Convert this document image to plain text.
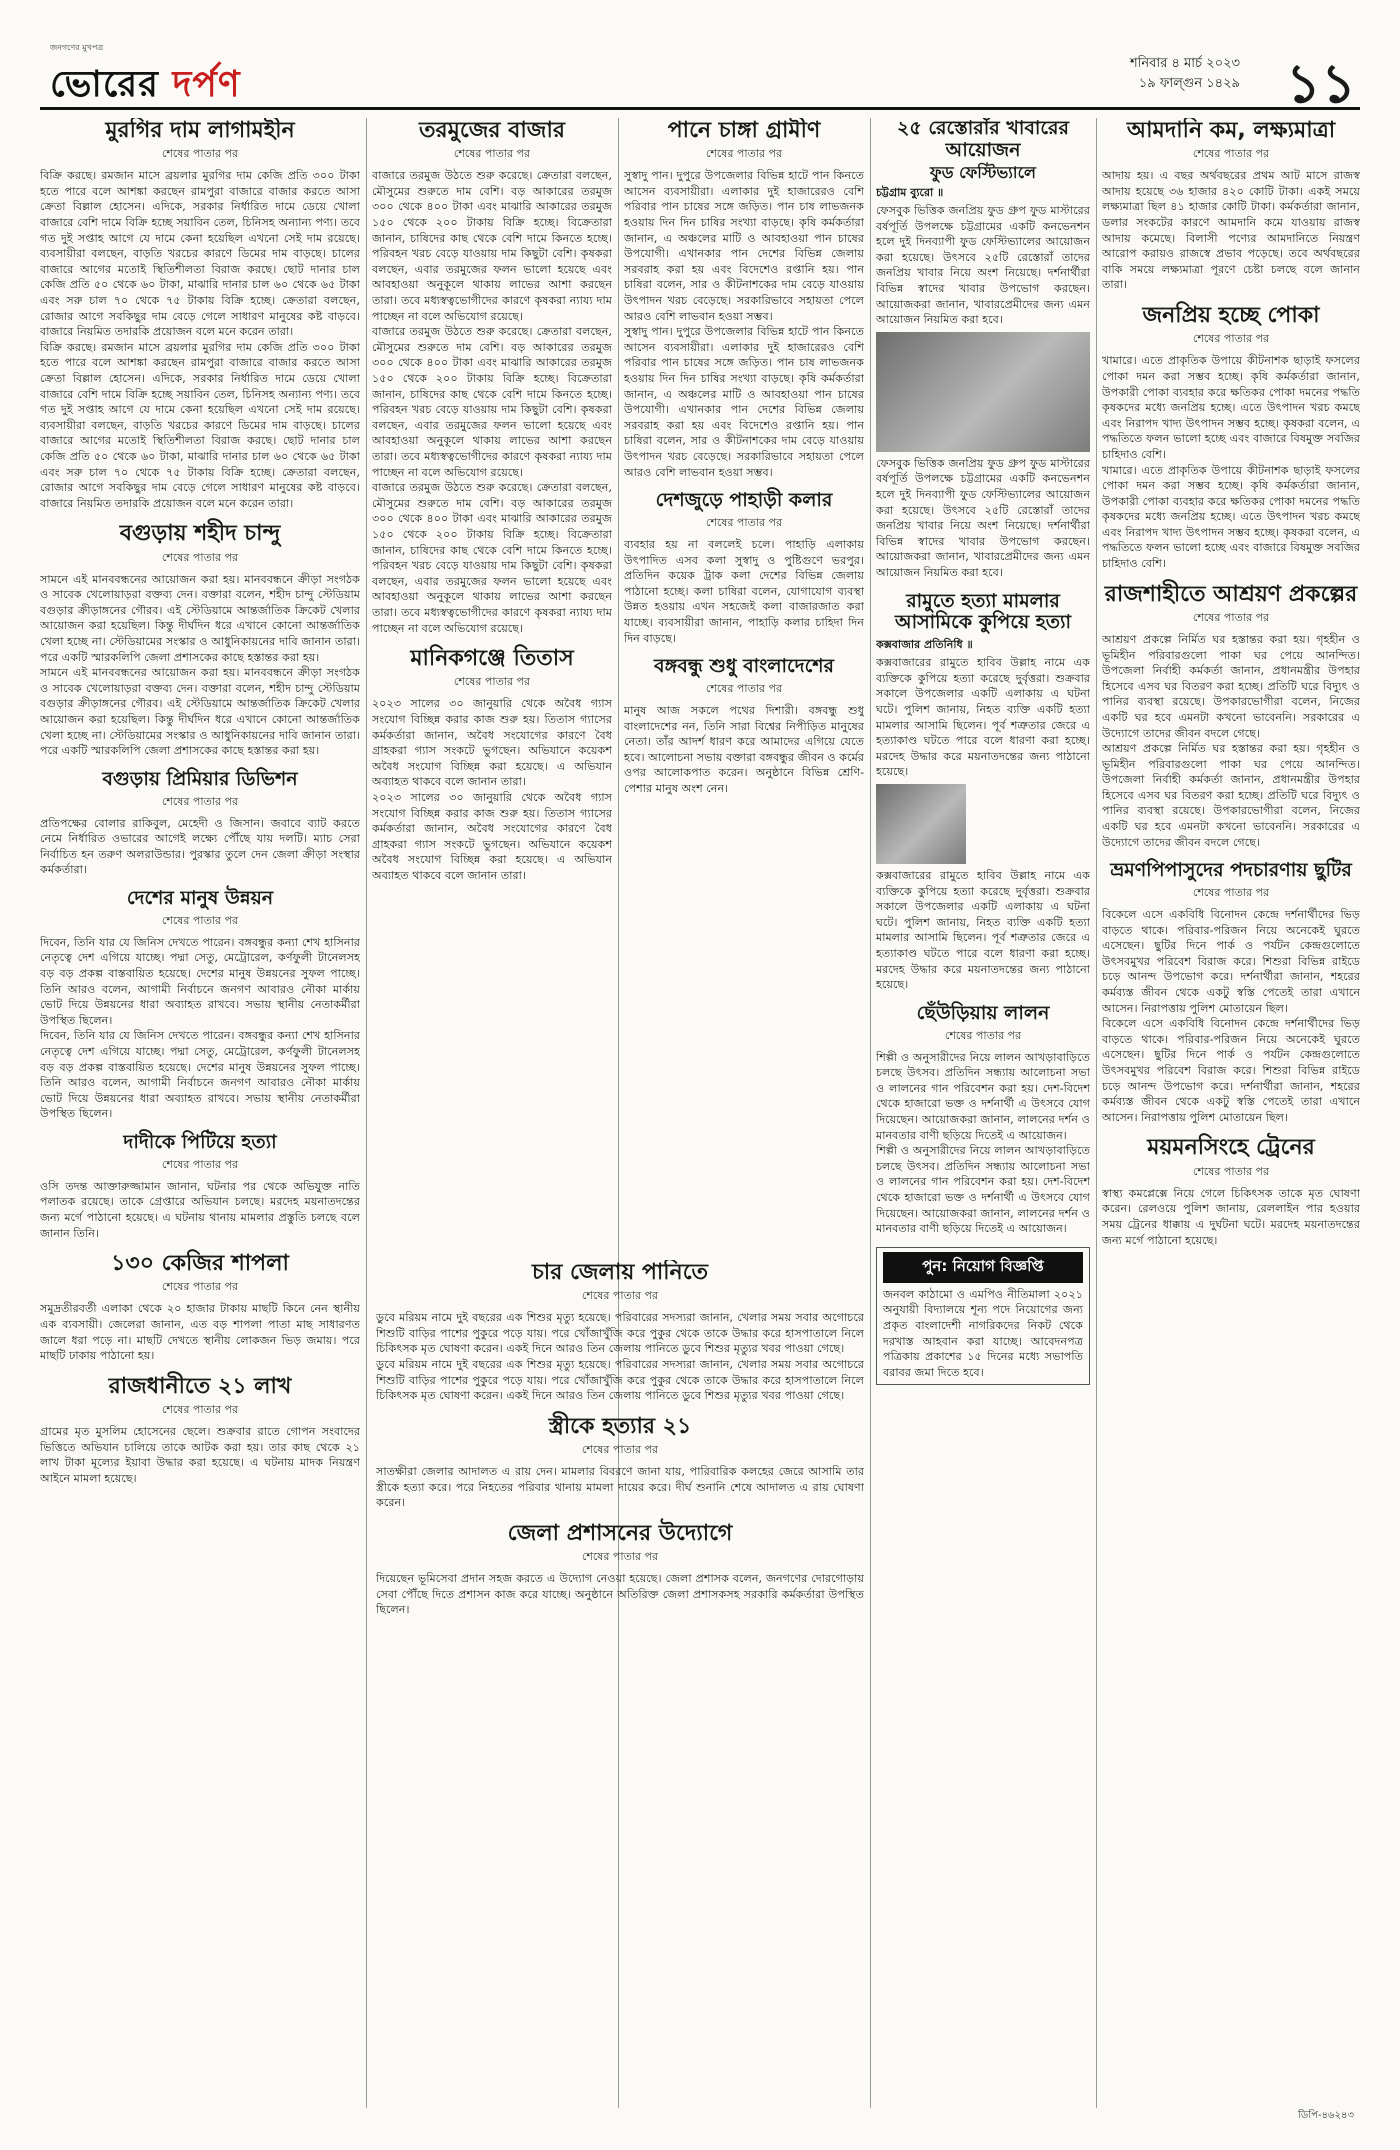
জনগণের মুখপত্র
ভোরের দর্পণ
শনিবার ৪ মার্চ ২০২৩
১৯ ফাল্গুন ১৪২৯ ১১
মুরগির দাম লাগামহীন
শেষের পাতার পর
বিক্রি করছে। রমজান মাসে ব্রয়লার মুরগির দাম কেজি প্রতি ৩০০ টাকা হতে পারে বলে আশঙ্কা করছেন রামপুরা বাজারে বাজার করতে আসা ক্রেতা বিল্লাল হোসেন। এদিকে, সরকার নির্ধারিত দামে ডেয়ে খোলা বাজারে বেশি দামে বিক্রি হচ্ছে সয়াবিন তেল, চিনিসহ অন্যান্য পণ্য। তবে গত দুই সপ্তাহ আগে যে দামে কেনা হয়েছিল এখনো সেই দাম রয়েছে। ব্যবসায়ীরা বলছেন, বাড়তি খরচের কারণে ডিমের দাম বাড়ছে। চালের বাজারে আগের মতোই স্থিতিশীলতা বিরাজ করছে। ছোট দানার চাল কেজি প্রতি ৫০ থেকে ৬০ টাকা, মাঝারি দানার চাল ৬০ থেকে ৬৫ টাকা এবং সরু চাল ৭০ থেকে ৭৫ টাকায় বিক্রি হচ্ছে। ক্রেতারা বলছেন, রোজার আগে সবকিছুর দাম বেড়ে গেলে সাধারণ মানুষের কষ্ট বাড়বে। বাজারে নিয়মিত তদারকি প্রয়োজন বলে মনে করেন তারা।
বিক্রি করছে। রমজান মাসে ব্রয়লার মুরগির দাম কেজি প্রতি ৩০০ টাকা হতে পারে বলে আশঙ্কা করছেন রামপুরা বাজারে বাজার করতে আসা ক্রেতা বিল্লাল হোসেন। এদিকে, সরকার নির্ধারিত দামে ডেয়ে খোলা বাজারে বেশি দামে বিক্রি হচ্ছে সয়াবিন তেল, চিনিসহ অন্যান্য পণ্য। তবে গত দুই সপ্তাহ আগে যে দামে কেনা হয়েছিল এখনো সেই দাম রয়েছে। ব্যবসায়ীরা বলছেন, বাড়তি খরচের কারণে ডিমের দাম বাড়ছে। চালের বাজারে আগের মতোই স্থিতিশীলতা বিরাজ করছে। ছোট দানার চাল কেজি প্রতি ৫০ থেকে ৬০ টাকা, মাঝারি দানার চাল ৬০ থেকে ৬৫ টাকা এবং সরু চাল ৭০ থেকে ৭৫ টাকায় বিক্রি হচ্ছে। ক্রেতারা বলছেন, রোজার আগে সবকিছুর দাম বেড়ে গেলে সাধারণ মানুষের কষ্ট বাড়বে। বাজারে নিয়মিত তদারকি প্রয়োজন বলে মনে করেন তারা।
বগুড়ায় শহীদ চান্দু
শেষের পাতার পর
সামনে এই মানববন্ধনের আয়োজন করা হয়। মানববন্ধনে ক্রীড়া সংগঠক ও সাবেক খেলোয়াড়রা বক্তব্য দেন। বক্তারা বলেন, শহীদ চান্দু স্টেডিয়াম বগুড়ার ক্রীড়াঙ্গনের গৌরব। এই স্টেডিয়ামে আন্তর্জাতিক ক্রিকেট খেলার আয়োজন করা হয়েছিল। কিন্তু দীর্ঘদিন ধরে এখানে কোনো আন্তর্জাতিক খেলা হচ্ছে না। স্টেডিয়ামের সংস্কার ও আধুনিকায়নের দাবি জানান তারা। পরে একটি স্মারকলিপি জেলা প্রশাসকের কাছে হস্তান্তর করা হয়।
সামনে এই মানববন্ধনের আয়োজন করা হয়। মানববন্ধনে ক্রীড়া সংগঠক ও সাবেক খেলোয়াড়রা বক্তব্য দেন। বক্তারা বলেন, শহীদ চান্দু স্টেডিয়াম বগুড়ার ক্রীড়াঙ্গনের গৌরব। এই স্টেডিয়ামে আন্তর্জাতিক ক্রিকেট খেলার আয়োজন করা হয়েছিল। কিন্তু দীর্ঘদিন ধরে এখানে কোনো আন্তর্জাতিক খেলা হচ্ছে না। স্টেডিয়ামের সংস্কার ও আধুনিকায়নের দাবি জানান তারা। পরে একটি স্মারকলিপি জেলা প্রশাসকের কাছে হস্তান্তর করা হয়।
বগুড়ায় প্রিমিয়ার ডিভিশন
শেষের পাতার পর
প্রতিপক্ষের বোলার রাকিবুল, মেহেদী ও জিসান। জবাবে ব্যাট করতে নেমে নির্ধারিত ওভারের আগেই লক্ষ্যে পৌঁছে যায় দলটি। ম্যাচ সেরা নির্বাচিত হন তরুণ অলরাউন্ডার। পুরস্কার তুলে দেন জেলা ক্রীড়া সংস্থার কর্মকর্তারা।
দেশের মানুষ উন্নয়ন
শেষের পাতার পর
দিবেন, তিনি যার যে জিনিস দেখতে পারেন। বঙ্গবন্ধুর কন্যা শেখ হাসিনার নেতৃত্বে দেশ এগিয়ে যাচ্ছে। পদ্মা সেতু, মেট্রোরেল, কর্ণফুলী টানেলসহ বড় বড় প্রকল্প বাস্তবায়িত হয়েছে। দেশের মানুষ উন্নয়নের সুফল পাচ্ছে। তিনি আরও বলেন, আগামী নির্বাচনে জনগণ আবারও নৌকা মার্কায় ভোট দিয়ে উন্নয়নের ধারা অব্যাহত রাখবে। সভায় স্থানীয় নেতাকর্মীরা উপস্থিত ছিলেন।
দিবেন, তিনি যার যে জিনিস দেখতে পারেন। বঙ্গবন্ধুর কন্যা শেখ হাসিনার নেতৃত্বে দেশ এগিয়ে যাচ্ছে। পদ্মা সেতু, মেট্রোরেল, কর্ণফুলী টানেলসহ বড় বড় প্রকল্প বাস্তবায়িত হয়েছে। দেশের মানুষ উন্নয়নের সুফল পাচ্ছে। তিনি আরও বলেন, আগামী নির্বাচনে জনগণ আবারও নৌকা মার্কায় ভোট দিয়ে উন্নয়নের ধারা অব্যাহত রাখবে। সভায় স্থানীয় নেতাকর্মীরা উপস্থিত ছিলেন।
দাদীকে পিটিয়ে হত্যা
শেষের পাতার পর
ওসি তদন্ত আক্তারুজ্জামান জানান, ঘটনার পর থেকে অভিযুক্ত নাতি পলাতক রয়েছে। তাকে গ্রেপ্তারে অভিযান চলছে। মরদেহ ময়নাতদন্তের জন্য মর্গে পাঠানো হয়েছে। এ ঘটনায় থানায় মামলার প্রস্তুতি চলছে বলে জানান তিনি।
১৩০ কেজির শাপলা
শেষের পাতার পর
সমুদ্রতীরবর্তী এলাকা থেকে ২০ হাজার টাকায় মাছটি কিনে নেন স্থানীয় এক ব্যবসায়ী। জেলেরা জানান, এত বড় শাপলা পাতা মাছ সাধারণত জালে ধরা পড়ে না। মাছটি দেখতে স্থানীয় লোকজন ভিড় জমায়। পরে মাছটি ঢাকায় পাঠানো হয়।
রাজধানীতে ২১ লাখ
শেষের পাতার পর
গ্রামের মৃত মুসলিম হোসেনের ছেলে। শুক্রবার রাতে গোপন সংবাদের ভিত্তিতে অভিযান চালিয়ে তাকে আটক করা হয়। তার কাছ থেকে ২১ লাখ টাকা মূল্যের ইয়াবা উদ্ধার করা হয়েছে। এ ঘটনায় মাদক নিয়ন্ত্রণ আইনে মামলা হয়েছে।
তরমুজের বাজার
শেষের পাতার পর
বাজারে তরমুজ উঠতে শুরু করেছে। ক্রেতারা বলছেন, মৌসুমের শুরুতে দাম বেশি। বড় আকারের তরমুজ ৩০০ থেকে ৪০০ টাকা এবং মাঝারি আকারের তরমুজ ১৫০ থেকে ২০০ টাকায় বিক্রি হচ্ছে। বিক্রেতারা জানান, চাষিদের কাছ থেকে বেশি দামে কিনতে হচ্ছে। পরিবহন খরচ বেড়ে যাওয়ায় দাম কিছুটা বেশি। কৃষকরা বলছেন, এবার তরমুজের ফলন ভালো হয়েছে এবং আবহাওয়া অনুকূলে থাকায় লাভের আশা করছেন তারা। তবে মধ্যস্বত্বভোগীদের কারণে কৃষকরা ন্যায্য দাম পাচ্ছেন না বলে অভিযোগ রয়েছে।
বাজারে তরমুজ উঠতে শুরু করেছে। ক্রেতারা বলছেন, মৌসুমের শুরুতে দাম বেশি। বড় আকারের তরমুজ ৩০০ থেকে ৪০০ টাকা এবং মাঝারি আকারের তরমুজ ১৫০ থেকে ২০০ টাকায় বিক্রি হচ্ছে। বিক্রেতারা জানান, চাষিদের কাছ থেকে বেশি দামে কিনতে হচ্ছে। পরিবহন খরচ বেড়ে যাওয়ায় দাম কিছুটা বেশি। কৃষকরা বলছেন, এবার তরমুজের ফলন ভালো হয়েছে এবং আবহাওয়া অনুকূলে থাকায় লাভের আশা করছেন তারা। তবে মধ্যস্বত্বভোগীদের কারণে কৃষকরা ন্যায্য দাম পাচ্ছেন না বলে অভিযোগ রয়েছে।
বাজারে তরমুজ উঠতে শুরু করেছে। ক্রেতারা বলছেন, মৌসুমের শুরুতে দাম বেশি। বড় আকারের তরমুজ ৩০০ থেকে ৪০০ টাকা এবং মাঝারি আকারের তরমুজ ১৫০ থেকে ২০০ টাকায় বিক্রি হচ্ছে। বিক্রেতারা জানান, চাষিদের কাছ থেকে বেশি দামে কিনতে হচ্ছে। পরিবহন খরচ বেড়ে যাওয়ায় দাম কিছুটা বেশি। কৃষকরা বলছেন, এবার তরমুজের ফলন ভালো হয়েছে এবং আবহাওয়া অনুকূলে থাকায় লাভের আশা করছেন তারা। তবে মধ্যস্বত্বভোগীদের কারণে কৃষকরা ন্যায্য দাম পাচ্ছেন না বলে অভিযোগ রয়েছে।
মানিকগঞ্জে তিতাস
শেষের পাতার পর
২০২৩ সালের ৩০ জানুয়ারি থেকে অবৈধ গ্যাস সংযোগ বিচ্ছিন্ন করার কাজ শুরু হয়। তিতাস গ্যাসের কর্মকর্তারা জানান, অবৈধ সংযোগের কারণে বৈধ গ্রাহকরা গ্যাস সংকটে ভুগছেন। অভিযানে কয়েকশ অবৈধ সংযোগ বিচ্ছিন্ন করা হয়েছে। এ অভিযান অব্যাহত থাকবে বলে জানান তারা।
২০২৩ সালের ৩০ জানুয়ারি থেকে অবৈধ গ্যাস সংযোগ বিচ্ছিন্ন করার কাজ শুরু হয়। তিতাস গ্যাসের কর্মকর্তারা জানান, অবৈধ সংযোগের কারণে বৈধ গ্রাহকরা গ্যাস সংকটে ভুগছেন। অভিযানে কয়েকশ অবৈধ সংযোগ বিচ্ছিন্ন করা হয়েছে। এ অভিযান অব্যাহত থাকবে বলে জানান তারা।
পানে চাঙ্গা গ্রামীণ
শেষের পাতার পর
সুস্বাদু পান। দুপুরে উপজেলার বিভিন্ন হাটে পান কিনতে আসেন ব্যবসায়ীরা। এলাকার দুই হাজারেরও বেশি পরিবার পান চাষের সঙ্গে জড়িত। পান চাষ লাভজনক হওয়ায় দিন দিন চাষির সংখ্যা বাড়ছে। কৃষি কর্মকর্তারা জানান, এ অঞ্চলের মাটি ও আবহাওয়া পান চাষের উপযোগী। এখানকার পান দেশের বিভিন্ন জেলায় সরবরাহ করা হয় এবং বিদেশেও রপ্তানি হয়। পান চাষিরা বলেন, সার ও কীটনাশকের দাম বেড়ে যাওয়ায় উৎপাদন খরচ বেড়েছে। সরকারিভাবে সহায়তা পেলে আরও বেশি লাভবান হওয়া সম্ভব।
সুস্বাদু পান। দুপুরে উপজেলার বিভিন্ন হাটে পান কিনতে আসেন ব্যবসায়ীরা। এলাকার দুই হাজারেরও বেশি পরিবার পান চাষের সঙ্গে জড়িত। পান চাষ লাভজনক হওয়ায় দিন দিন চাষির সংখ্যা বাড়ছে। কৃষি কর্মকর্তারা জানান, এ অঞ্চলের মাটি ও আবহাওয়া পান চাষের উপযোগী। এখানকার পান দেশের বিভিন্ন জেলায় সরবরাহ করা হয় এবং বিদেশেও রপ্তানি হয়। পান চাষিরা বলেন, সার ও কীটনাশকের দাম বেড়ে যাওয়ায় উৎপাদন খরচ বেড়েছে। সরকারিভাবে সহায়তা পেলে আরও বেশি লাভবান হওয়া সম্ভব।
দেশজুড়ে পাহাড়ী কলার
শেষের পাতার পর
ব্যবহার হয় না বললেই চলে। পাহাড়ি এলাকায় উৎপাদিত এসব কলা সুস্বাদু ও পুষ্টিগুণে ভরপুর। প্রতিদিন কয়েক ট্রাক কলা দেশের বিভিন্ন জেলায় পাঠানো হচ্ছে। কলা চাষিরা বলেন, যোগাযোগ ব্যবস্থা উন্নত হওয়ায় এখন সহজেই কলা বাজারজাত করা যাচ্ছে। ব্যবসায়ীরা জানান, পাহাড়ি কলার চাহিদা দিন দিন বাড়ছে।
বঙ্গবন্ধু শুধু বাংলাদেশের
শেষের পাতার পর
মানুষ আজ সকলে পথের দিশারী। বঙ্গবন্ধু শুধু বাংলাদেশের নন, তিনি সারা বিশ্বের নিপীড়িত মানুষের নেতা। তাঁর আদর্শ ধারণ করে আমাদের এগিয়ে যেতে হবে। আলোচনা সভায় বক্তারা বঙ্গবন্ধুর জীবন ও কর্মের ওপর আলোকপাত করেন। অনুষ্ঠানে বিভিন্ন শ্রেণি-পেশার মানুষ অংশ নেন।
চার জেলায় পানিতে
শেষের পাতার পর
ডুবে মরিয়ম নামে দুই বছরের এক শিশুর মৃত্যু হয়েছে। পরিবারের সদস্যরা জানান, খেলার সময় সবার অগোচরে শিশুটি বাড়ির পাশের পুকুরে পড়ে যায়। পরে খোঁজাখুঁজি করে পুকুর থেকে তাকে উদ্ধার করে হাসপাতালে নিলে চিকিৎসক মৃত ঘোষণা করেন। একই দিনে আরও তিন জেলায় পানিতে ডুবে শিশুর মৃত্যুর খবর পাওয়া গেছে।
ডুবে মরিয়ম নামে দুই বছরের এক শিশুর মৃত্যু হয়েছে। পরিবারের সদস্যরা জানান, খেলার সময় সবার অগোচরে শিশুটি বাড়ির পাশের পুকুরে পড়ে যায়। পরে খোঁজাখুঁজি করে পুকুর থেকে তাকে উদ্ধার করে হাসপাতালে নিলে চিকিৎসক মৃত ঘোষণা করেন। একই দিনে আরও তিন জেলায় পানিতে ডুবে শিশুর মৃত্যুর খবর পাওয়া গেছে।
স্ত্রীকে হত্যার ২১
শেষের পাতার পর
সাতক্ষীরা জেলার আদালত এ রায় দেন। মামলার বিবরণে জানা যায়, পারিবারিক কলহের জেরে আসামি তার স্ত্রীকে হত্যা করে। পরে নিহতের পরিবার থানায় মামলা দায়ের করে। দীর্ঘ শুনানি শেষে আদালত এ রায় ঘোষণা করেন।
জেলা প্রশাসনের উদ্যোগে
শেষের পাতার পর
দিয়েছেন ভূমিসেবা প্রদান সহজ করতে এ উদ্যোগ নেওয়া হয়েছে। জেলা প্রশাসক বলেন, জনগণের দোরগোড়ায় সেবা পৌঁছে দিতে প্রশাসন কাজ করে যাচ্ছে। অনুষ্ঠানে অতিরিক্ত জেলা প্রশাসকসহ সরকারি কর্মকর্তারা উপস্থিত ছিলেন।
২৫ রেস্তোরাঁর খাবারের আয়োজন
ফুড ফেস্টিভ্যালে
চট্টগ্রাম ব্যুরো ॥
ফেসবুক ভিত্তিক জনপ্রিয় ফুড গ্রুপ ফুড মাস্টারের বর্ষপূর্তি উপলক্ষে চট্টগ্রামের একটি কনভেনশন হলে দুই দিনব্যাপী ফুড ফেস্টিভ্যালের আয়োজন করা হয়েছে। উৎসবে ২৫টি রেস্তোরাঁ তাদের জনপ্রিয় খাবার নিয়ে অংশ নিয়েছে। দর্শনার্থীরা বিভিন্ন স্বাদের খাবার উপভোগ করছেন। আয়োজকরা জানান, খাবারপ্রেমীদের জন্য এমন আয়োজন নিয়মিত করা হবে।
ফেসবুক ভিত্তিক জনপ্রিয় ফুড গ্রুপ ফুড মাস্টারের বর্ষপূর্তি উপলক্ষে চট্টগ্রামের একটি কনভেনশন হলে দুই দিনব্যাপী ফুড ফেস্টিভ্যালের আয়োজন করা হয়েছে। উৎসবে ২৫টি রেস্তোরাঁ তাদের জনপ্রিয় খাবার নিয়ে অংশ নিয়েছে। দর্শনার্থীরা বিভিন্ন স্বাদের খাবার উপভোগ করছেন। আয়োজকরা জানান, খাবারপ্রেমীদের জন্য এমন আয়োজন নিয়মিত করা হবে।
রামুতে হত্যা মামলার আসামিকে কুপিয়ে হত্যা
কক্সবাজার প্রতিনিধি ॥
কক্সবাজারের রামুতে হাবিব উল্লাহ নামে এক ব্যক্তিকে কুপিয়ে হত্যা করেছে দুর্বৃত্তরা। শুক্রবার সকালে উপজেলার একটি এলাকায় এ ঘটনা ঘটে। পুলিশ জানায়, নিহত ব্যক্তি একটি হত্যা মামলার আসামি ছিলেন। পূর্ব শত্রুতার জেরে এ হত্যাকাণ্ড ঘটতে পারে বলে ধারণা করা হচ্ছে। মরদেহ উদ্ধার করে ময়নাতদন্তের জন্য পাঠানো হয়েছে।
কক্সবাজারের রামুতে হাবিব উল্লাহ নামে এক ব্যক্তিকে কুপিয়ে হত্যা করেছে দুর্বৃত্তরা। শুক্রবার সকালে উপজেলার একটি এলাকায় এ ঘটনা ঘটে। পুলিশ জানায়, নিহত ব্যক্তি একটি হত্যা মামলার আসামি ছিলেন। পূর্ব শত্রুতার জেরে এ হত্যাকাণ্ড ঘটতে পারে বলে ধারণা করা হচ্ছে। মরদেহ উদ্ধার করে ময়নাতদন্তের জন্য পাঠানো হয়েছে।
ছেঁউড়িয়ায় লালন
শেষের পাতার পর
শিল্পী ও অনুসারীদের নিয়ে লালন আখড়াবাড়িতে চলছে উৎসব। প্রতিদিন সন্ধ্যায় আলোচনা সভা ও লালনের গান পরিবেশন করা হয়। দেশ-বিদেশ থেকে হাজারো ভক্ত ও দর্শনার্থী এ উৎসবে যোগ দিয়েছেন। আয়োজকরা জানান, লালনের দর্শন ও মানবতার বাণী ছড়িয়ে দিতেই এ আয়োজন।
শিল্পী ও অনুসারীদের নিয়ে লালন আখড়াবাড়িতে চলছে উৎসব। প্রতিদিন সন্ধ্যায় আলোচনা সভা ও লালনের গান পরিবেশন করা হয়। দেশ-বিদেশ থেকে হাজারো ভক্ত ও দর্শনার্থী এ উৎসবে যোগ দিয়েছেন। আয়োজকরা জানান, লালনের দর্শন ও মানবতার বাণী ছড়িয়ে দিতেই এ আয়োজন।
পুন: নিয়োগ বিজ্ঞপ্তি
জনবল কাঠামো ও এমপিও নীতিমালা ২০২১ অনুযায়ী বিদ্যালয়ে শূন্য পদে নিয়োগের জন্য প্রকৃত বাংলাদেশী নাগরিকদের নিকট থেকে দরখাস্ত আহবান করা যাচ্ছে। আবেদনপত্র পত্রিকায় প্রকাশের ১৫ দিনের মধ্যে সভাপতি বরাবর জমা দিতে হবে।
আমদানি কম, লক্ষ্যমাত্রা
শেষের পাতার পর
আদায় হয়। এ বছর অর্থবছরের প্রথম আট মাসে রাজস্ব আদায় হয়েছে ৩৬ হাজার ৪২০ কোটি টাকা। একই সময়ে লক্ষ্যমাত্রা ছিল ৪১ হাজার কোটি টাকা। কর্মকর্তারা জানান, ডলার সংকটের কারণে আমদানি কমে যাওয়ায় রাজস্ব আদায় কমেছে। বিলাসী পণ্যের আমদানিতে নিয়ন্ত্রণ আরোপ করায়ও রাজস্বে প্রভাব পড়েছে। তবে অর্থবছরের বাকি সময়ে লক্ষ্যমাত্রা পূরণে চেষ্টা চলছে বলে জানান তারা।
জনপ্রিয় হচ্ছে পোকা
শেষের পাতার পর
খামারে। এতে প্রাকৃতিক উপায়ে কীটনাশক ছাড়াই ফসলের পোকা দমন করা সম্ভব হচ্ছে। কৃষি কর্মকর্তারা জানান, উপকারী পোকা ব্যবহার করে ক্ষতিকর পোকা দমনের পদ্ধতি কৃষকদের মধ্যে জনপ্রিয় হচ্ছে। এতে উৎপাদন খরচ কমছে এবং নিরাপদ খাদ্য উৎপাদন সম্ভব হচ্ছে। কৃষকরা বলেন, এ পদ্ধতিতে ফলন ভালো হচ্ছে এবং বাজারে বিষমুক্ত সবজির চাহিদাও বেশি।
খামারে। এতে প্রাকৃতিক উপায়ে কীটনাশক ছাড়াই ফসলের পোকা দমন করা সম্ভব হচ্ছে। কৃষি কর্মকর্তারা জানান, উপকারী পোকা ব্যবহার করে ক্ষতিকর পোকা দমনের পদ্ধতি কৃষকদের মধ্যে জনপ্রিয় হচ্ছে। এতে উৎপাদন খরচ কমছে এবং নিরাপদ খাদ্য উৎপাদন সম্ভব হচ্ছে। কৃষকরা বলেন, এ পদ্ধতিতে ফলন ভালো হচ্ছে এবং বাজারে বিষমুক্ত সবজির চাহিদাও বেশি।
রাজশাহীতে আশ্রয়ণ প্রকল্পের
শেষের পাতার পর
আশ্রয়ণ প্রকল্পে নির্মিত ঘর হস্তান্তর করা হয়। গৃহহীন ও ভূমিহীন পরিবারগুলো পাকা ঘর পেয়ে আনন্দিত। উপজেলা নির্বাহী কর্মকর্তা জানান, প্রধানমন্ত্রীর উপহার হিসেবে এসব ঘর বিতরণ করা হচ্ছে। প্রতিটি ঘরে বিদ্যুৎ ও পানির ব্যবস্থা রয়েছে। উপকারভোগীরা বলেন, নিজের একটি ঘর হবে এমনটা কখনো ভাবেননি। সরকারের এ উদ্যোগে তাদের জীবন বদলে গেছে।
আশ্রয়ণ প্রকল্পে নির্মিত ঘর হস্তান্তর করা হয়। গৃহহীন ও ভূমিহীন পরিবারগুলো পাকা ঘর পেয়ে আনন্দিত। উপজেলা নির্বাহী কর্মকর্তা জানান, প্রধানমন্ত্রীর উপহার হিসেবে এসব ঘর বিতরণ করা হচ্ছে। প্রতিটি ঘরে বিদ্যুৎ ও পানির ব্যবস্থা রয়েছে। উপকারভোগীরা বলেন, নিজের একটি ঘর হবে এমনটা কখনো ভাবেননি। সরকারের এ উদ্যোগে তাদের জীবন বদলে গেছে।
ভ্রমণপিপাসুদের পদচারণায় ছুটির
শেষের পাতার পর
বিকেলে এসে একবিধি বিনোদন কেন্দ্রে দর্শনার্থীদের ভিড় বাড়তে থাকে। পরিবার-পরিজন নিয়ে অনেকেই ঘুরতে এসেছেন। ছুটির দিনে পার্ক ও পর্যটন কেন্দ্রগুলোতে উৎসবমুখর পরিবেশ বিরাজ করে। শিশুরা বিভিন্ন রাইডে চড়ে আনন্দ উপভোগ করে। দর্শনার্থীরা জানান, শহরের কর্মব্যস্ত জীবন থেকে একটু স্বস্তি পেতেই তারা এখানে আসেন। নিরাপত্তায় পুলিশ মোতায়েন ছিল।
বিকেলে এসে একবিধি বিনোদন কেন্দ্রে দর্শনার্থীদের ভিড় বাড়তে থাকে। পরিবার-পরিজন নিয়ে অনেকেই ঘুরতে এসেছেন। ছুটির দিনে পার্ক ও পর্যটন কেন্দ্রগুলোতে উৎসবমুখর পরিবেশ বিরাজ করে। শিশুরা বিভিন্ন রাইডে চড়ে আনন্দ উপভোগ করে। দর্শনার্থীরা জানান, শহরের কর্মব্যস্ত জীবন থেকে একটু স্বস্তি পেতেই তারা এখানে আসেন। নিরাপত্তায় পুলিশ মোতায়েন ছিল।
ময়মনসিংহে ট্রেনের
শেষের পাতার পর
স্বাস্থ্য কমপ্লেক্সে নিয়ে গেলে চিকিৎসক তাকে মৃত ঘোষণা করেন। রেলওয়ে পুলিশ জানায়, রেললাইন পার হওয়ার সময় ট্রেনের ধাক্কায় এ দুর্ঘটনা ঘটে। মরদেহ ময়নাতদন্তের জন্য মর্গে পাঠানো হয়েছে।
ডিপি-৪৬২৪৩
